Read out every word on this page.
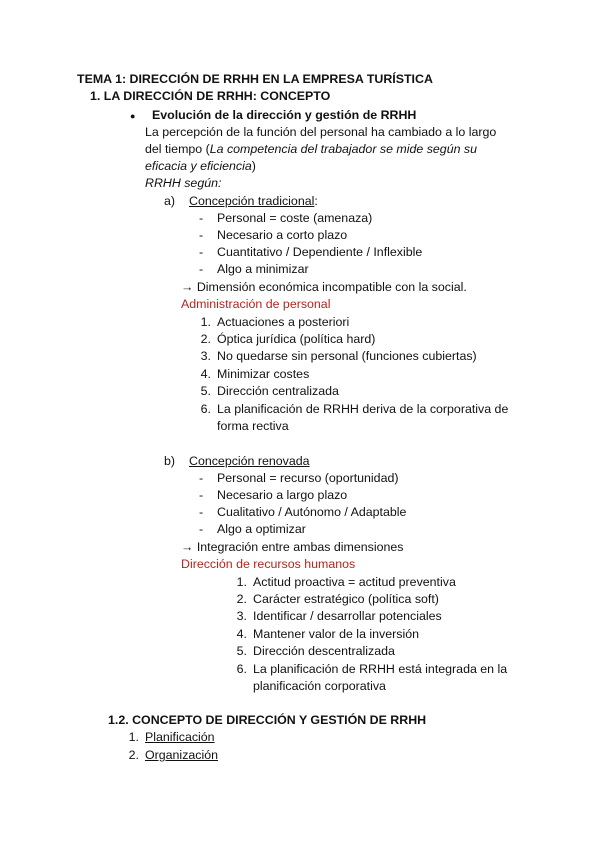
TEMA 1: DIRECCIÓN DE RRHH EN LA EMPRESA TURÍSTICA
1. LA DIRECCIÓN DE RRHH: CONCEPTO
● Evolución de la dirección y gestión de RRHH
La percepción de la función del personal ha cambiado a lo largo
del tiempo (La competencia del trabajador se mide según su
eficacia y eficiencia)
RRHH según:
a) Concepción tradicional:
- Personal = coste (amenaza)
- Necesario a corto plazo
- Cuantitativo / Dependiente / Inflexible
- Algo a minimizar
→ Dimensión económica incompatible con la social.
Administración de personal
1. Actuaciones a posteriori
2. Óptica jurídica (política hard)
3. No quedarse sin personal (funciones cubiertas)
4. Minimizar costes
5. Dirección centralizada
6. La planificación de RRHH deriva de la corporativa de
forma rectiva
b) Concepción renovada
- Personal = recurso (oportunidad)
- Necesario a largo plazo
- Cualitativo / Autónomo / Adaptable
- Algo a optimizar
→ Integración entre ambas dimensiones
Dirección de recursos humanos
1. Actitud proactiva = actitud preventiva
2. Carácter estratégico (política soft)
3. Identificar / desarrollar potenciales
4. Mantener valor de la inversión
5. Dirección descentralizada
6. La planificación de RRHH está integrada en la
planificación corporativa
1.2. CONCEPTO DE DIRECCIÓN Y GESTIÓN DE RRHH
1. Planificación
2. Organización
